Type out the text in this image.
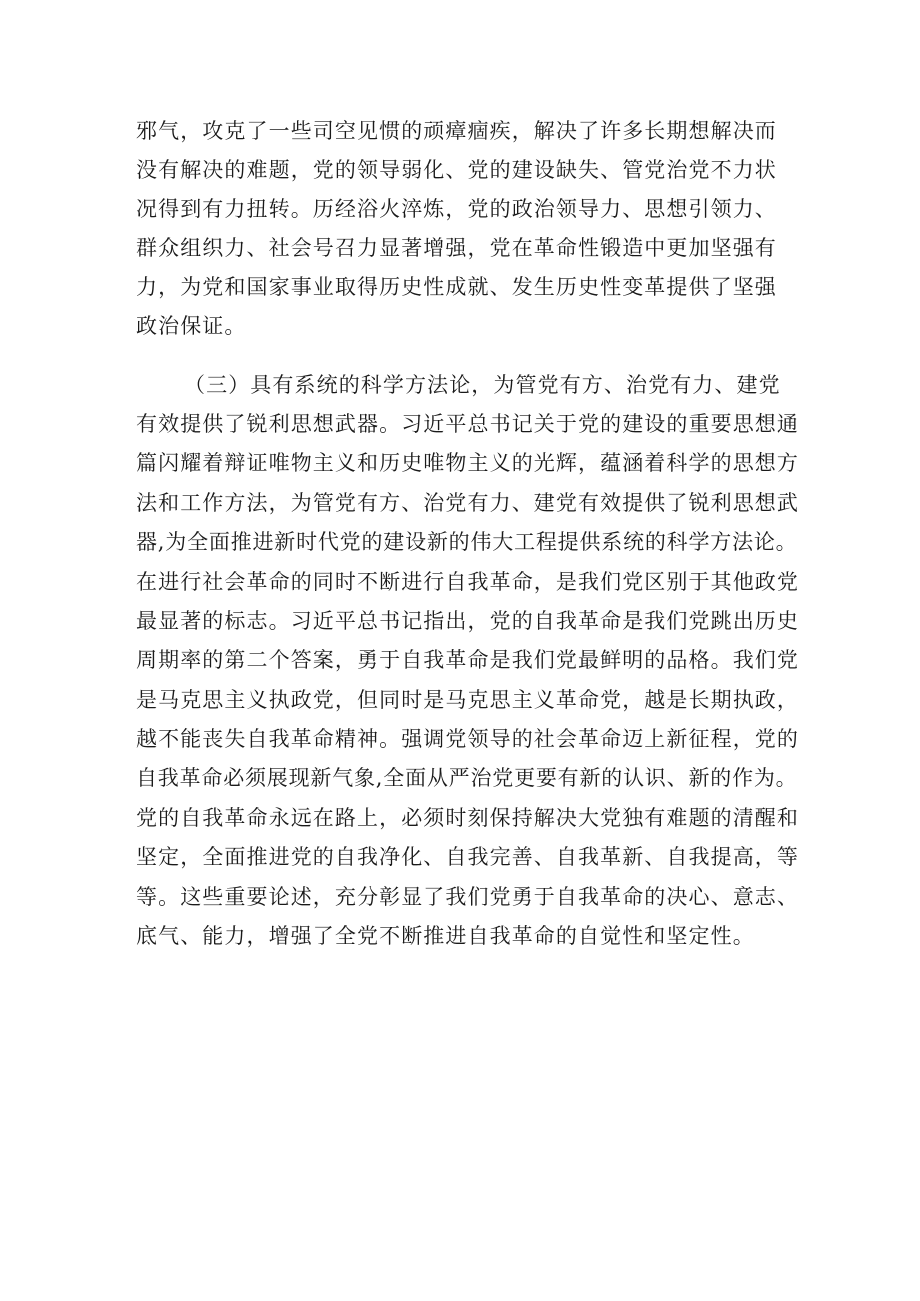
邪气，攻克了一些司空见惯的顽瘴痼疾，解决了许多长期想解决而
没有解决的难题，党的领导弱化、党的建设缺失、管党治党不力状
况得到有力扭转。历经浴火淬炼，党的政治领导力、思想引领力、
群众组织力、社会号召力显著增强，党在革命性锻造中更加坚强有
力，为党和国家事业取得历史性成就、发生历史性变革提供了坚强
政治保证。
（三）具有系统的科学方法论，为管党有方、治党有力、建党
有效提供了锐利思想武器。习近平总书记关于党的建设的重要思想通
篇闪耀着辩证唯物主义和历史唯物主义的光辉，蕴涵着科学的思想方
法和工作方法，为管党有方、治党有力、建党有效提供了锐利思想武
器,为全面推进新时代党的建设新的伟大工程提供系统的科学方法论。
在进行社会革命的同时不断进行自我革命，是我们党区别于其他政党
最显著的标志。习近平总书记指出，党的自我革命是我们党跳出历史
周期率的第二个答案，勇于自我革命是我们党最鲜明的品格。我们党
是马克思主义执政党，但同时是马克思主义革命党，越是长期执政，
越不能丧失自我革命精神。强调党领导的社会革命迈上新征程，党的
自我革命必须展现新气象,全面从严治党更要有新的认识、新的作为。
党的自我革命永远在路上，必须时刻保持解决大党独有难题的清醒和
坚定，全面推进党的自我净化、自我完善、自我革新、自我提高，等
等。这些重要论述，充分彰显了我们党勇于自我革命的决心、意志、
底气、能力，增强了全党不断推进自我革命的自觉性和坚定性。
